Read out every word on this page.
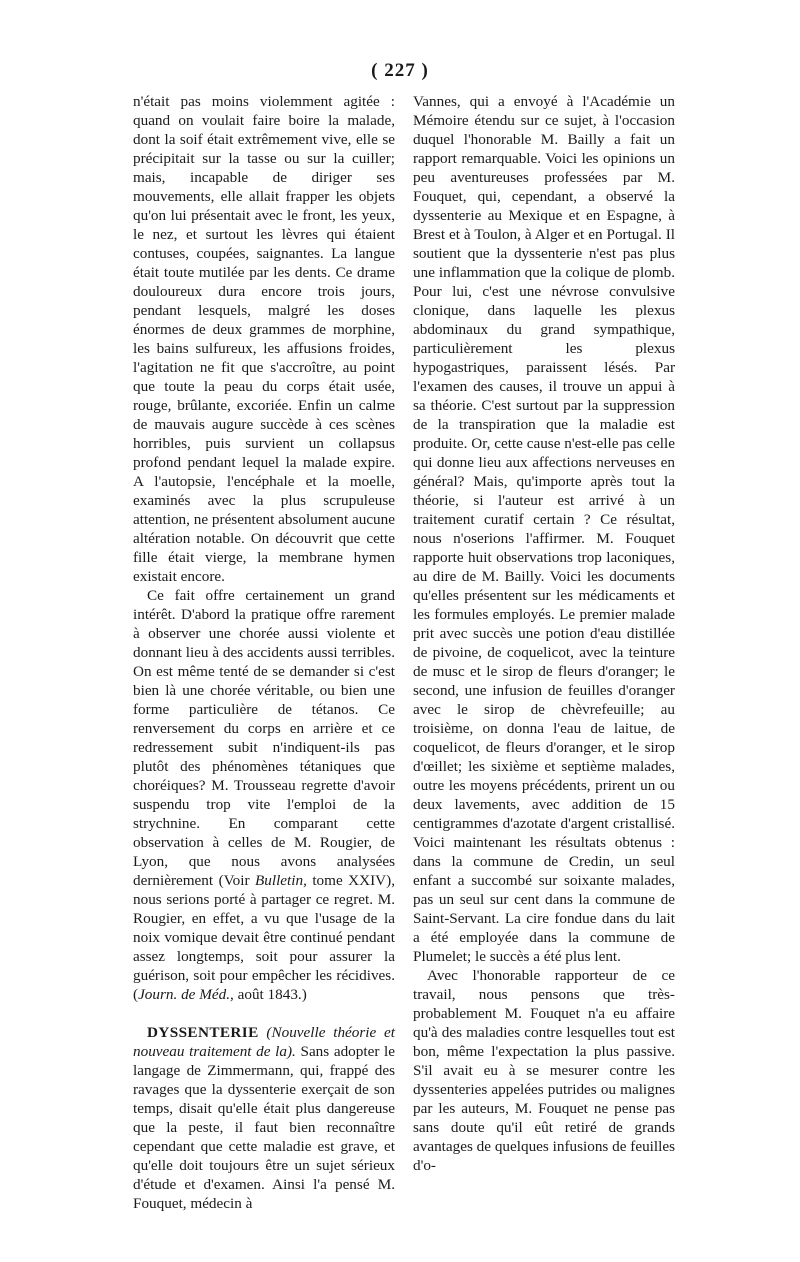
( 227 )

n'était pas moins violemment agitée : quand on voulait faire boire la malade, dont la soif était extrêmement vive, elle se précipitait sur la tasse ou sur la cuiller; mais, incapable de diriger ses mouvements, elle allait frapper les objets qu'on lui présentait avec le front, les yeux, le nez, et surtout les lèvres qui étaient contuses, coupées, saignantes. La langue était toute mutilée par les dents. Ce drame douloureux dura encore trois jours, pendant lesquels, malgré les doses énormes de deux grammes de morphine, les bains sulfureux, les affusions froides, l'agitation ne fit que s'accroître, au point que toute la peau du corps était usée, rouge, brûlante, excoriée. Enfin un calme de mauvais augure succède à ces scènes horribles, puis survient un collapsus profond pendant lequel la malade expire. A l'autopsie, l'encéphale et la moelle, examinés avec la plus scrupuleuse attention, ne présentent absolument aucune altération notable. On découvrit que cette fille était vierge, la membrane hymen existait encore.

Ce fait offre certainement un grand intérêt. D'abord la pratique offre rarement à observer une chorée aussi violente et donnant lieu à des accidents aussi terribles. On est même tenté de se demander si c'est bien là une chorée véritable, ou bien une forme particulière de tétanos. Ce renversement du corps en arrière et ce redressement subit n'indiquent-ils pas plutôt des phénomènes tétaniques que choréiques? M. Trousseau regrette d'avoir suspendu trop vite l'emploi de la strychnine. En comparant cette observation à celles de M. Rougier, de Lyon, que nous avons analysées dernièrement (Voir Bulletin, tome XXIV), nous serions porté à partager ce regret. M. Rougier, en effet, a vu que l'usage de la noix vomique devait être continué pendant assez longtemps, soit pour assurer la guérison, soit pour empêcher les récidives. (Journ. de Méd., août 1843.)

DYSSENTERIE (Nouvelle théorie et nouveau traitement de la). Sans adopter le langage de Zimmermann, qui, frappé des ravages que la dyssenterie exerçait de son temps, disait qu'elle était plus dangereuse que la peste, il faut bien reconnaître cependant que cette maladie est grave, et qu'elle doit toujours être un sujet sérieux d'étude et d'examen. Ainsi l'a pensé M. Fouquet, médecin à

Vannes, qui a envoyé à l'Académie un Mémoire étendu sur ce sujet, à l'occasion duquel l'honorable M. Bailly a fait un rapport remarquable. Voici les opinions un peu aventureuses professées par M. Fouquet, qui, cependant, a observé la dyssenterie au Mexique et en Espagne, à Brest et à Toulon, à Alger et en Portugal. Il soutient que la dyssenterie n'est pas plus une inflammation que la colique de plomb. Pour lui, c'est une névrose convulsive clonique, dans laquelle les plexus abdominaux du grand sympathique, particulièrement les plexus hypogastriques, paraissent lésés. Par l'examen des causes, il trouve un appui à sa théorie. C'est surtout par la suppression de la transpiration que la maladie est produite. Or, cette cause n'est-elle pas celle qui donne lieu aux affections nerveuses en général? Mais, qu'importe après tout la théorie, si l'auteur est arrivé à un traitement curatif certain ? Ce résultat, nous n'oserions l'affirmer. M. Fouquet rapporte huit observations trop laconiques, au dire de M. Bailly. Voici les documents qu'elles présentent sur les médicaments et les formules employés. Le premier malade prit avec succès une potion d'eau distillée de pivoine, de coquelicot, avec la teinture de musc et le sirop de fleurs d'oranger; le second, une infusion de feuilles d'oranger avec le sirop de chèvrefeuille; au troisième, on donna l'eau de laitue, de coquelicot, de fleurs d'oranger, et le sirop d'œillet; les sixième et septième malades, outre les moyens précédents, prirent un ou deux lavements, avec addition de 15 centigrammes d'azotate d'argent cristallisé. Voici maintenant les résultats obtenus : dans la commune de Credin, un seul enfant a succombé sur soixante malades, pas un seul sur cent dans la commune de Saint-Servant. La cire fondue dans du lait a été employée dans la commune de Plumelet; le succès a été plus lent.

Avec l'honorable rapporteur de ce travail, nous pensons que très-probablement M. Fouquet n'a eu affaire qu'à des maladies contre lesquelles tout est bon, même l'expectation la plus passive. S'il avait eu à se mesurer contre les dyssenteries appelées putrides ou malignes par les auteurs, M. Fouquet ne pense pas sans doute qu'il eût retiré de grands avantages de quelques infusions de feuilles d'o-
